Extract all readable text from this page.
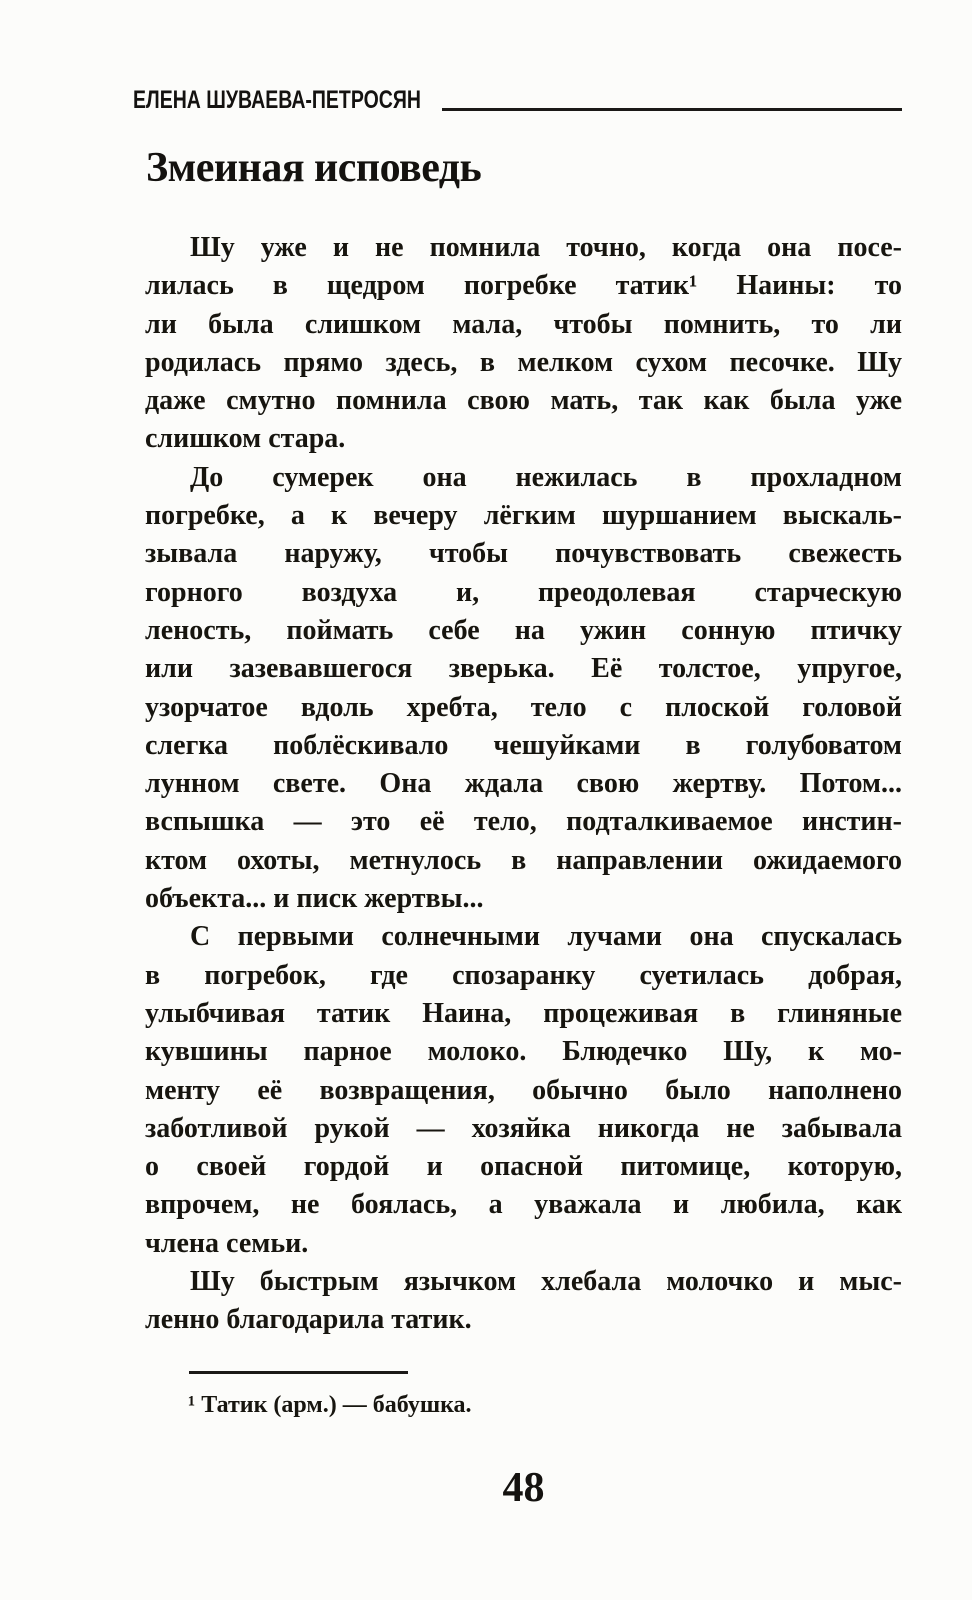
ЕЛЕНА ШУВАЕВА-ПЕТРОСЯН
Змеиная исповедь
Шу уже и не помнила точно, когда она посе-
лилась в щедром погребке татик¹ Наины: то
ли была слишком мала, чтобы помнить, то ли
родилась прямо здесь, в мелком сухом песочке. Шу
даже смутно помнила свою мать, так как была уже
слишком стара.
До сумерек она нежилась в прохладном
погребке, а к вечеру лёгким шуршанием выскаль-
зывала наружу, чтобы почувствовать свежесть
горного воздуха и, преодолевая старческую
леность, поймать себе на ужин сонную птичку
или зазевавшегося зверька. Её толстое, упругое,
узорчатое вдоль хребта, тело с плоской головой
слегка поблёскивало чешуйками в голубоватом
лунном свете. Она ждала свою жертву. Потом...
вспышка — это её тело, подталкиваемое инстин-
ктом охоты, метнулось в направлении ожидаемого
объекта... и писк жертвы...
С первыми солнечными лучами она спускалась
в погребок, где спозаранку суетилась добрая,
улыбчивая татик Наина, процеживая в глиняные
кувшины парное молоко. Блюдечко Шу, к мо-
менту её возвращения, обычно было наполнено
заботливой рукой — хозяйка никогда не забывала
о своей гордой и опасной питомице, которую,
впрочем, не боялась, а уважала и любила, как
члена семьи.
Шу быстрым язычком хлебала молочко и мыс-
ленно благодарила татик.
¹ Татик (арм.) — бабушка.
48
